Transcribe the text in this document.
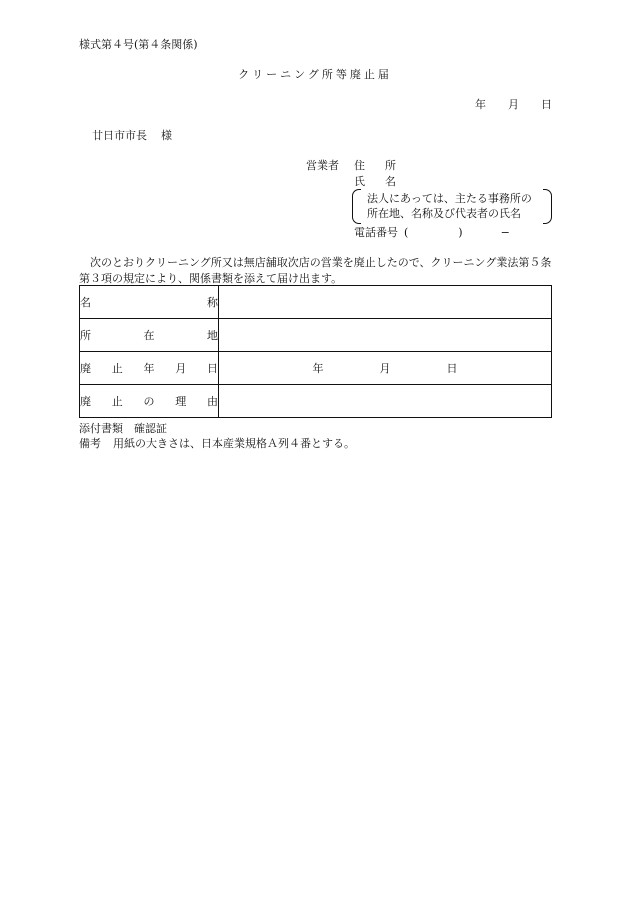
様式第４号(第４条関係)
クリーニング所等廃止届
年 月 日
廿日市市長 様
営業者 住 所
氏 名
法人にあっては、主たる事務所の
所在地、名称及び代表者の氏名
電話番号 (	)	−
次のとおりクリーニング所又は無店舗取次店の営業を廃止したので、クリーニング業法第５条第３項の規定により、関係書類を添えて届け出ます。
名 称	

所 在 地	

廃 止 年 月 日	年 月 日

廃 止 の 理 由	

添付書類　確認証
備考 用紙の大きさは、日本産業規格Ａ列４番とする。
